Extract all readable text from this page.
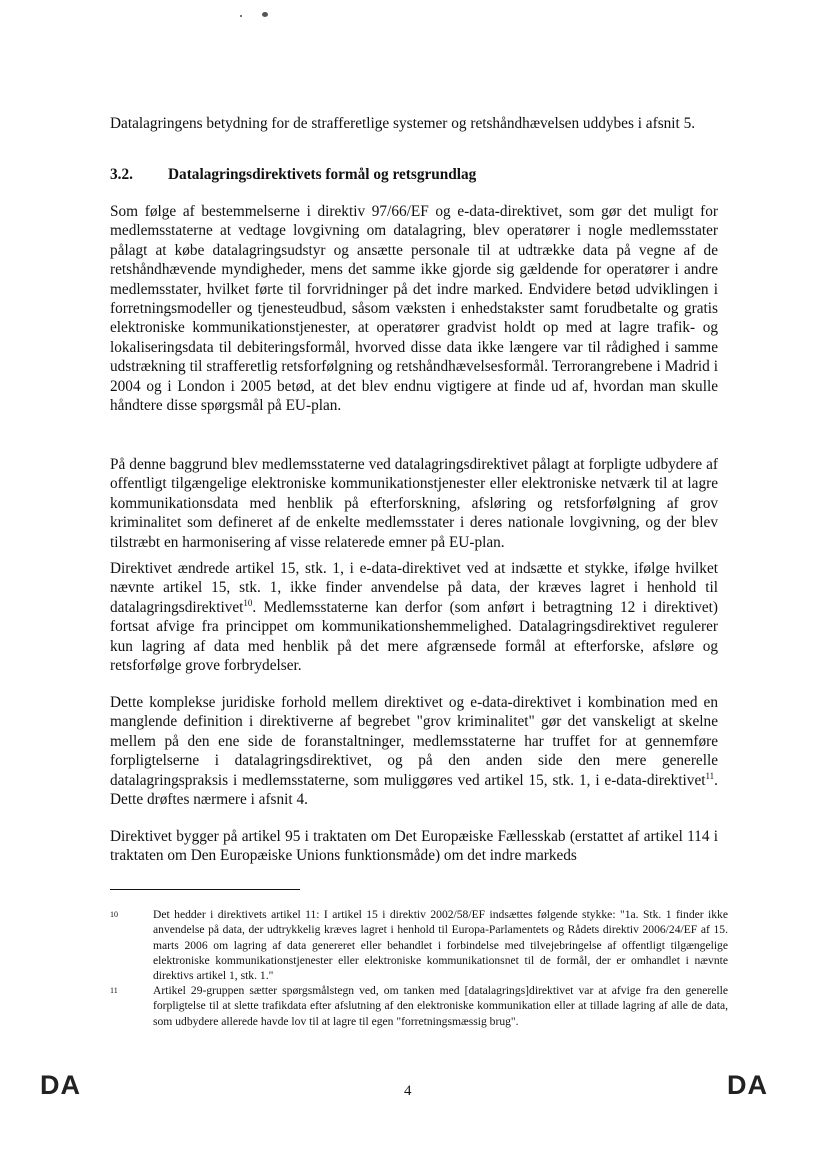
Datalagringens betydning for de strafferetlige systemer og retshåndhævelsen uddybes i afsnit 5.

3.2. Datalagringsdirektivets formål og retsgrundlag

Som følge af bestemmelserne i direktiv 97/66/EF og e-data-direktivet, som gør det muligt for medlemsstaterne at vedtage lovgivning om datalagring, blev operatører i nogle medlemsstater pålagt at købe datalagringsudstyr og ansætte personale til at udtrække data på vegne af de retshåndhævende myndigheder, mens det samme ikke gjorde sig gældende for operatører i andre medlemsstater, hvilket førte til forvridninger på det indre marked. Endvidere betød udviklingen i forretningsmodeller og tjenesteudbud, såsom væksten i enhedstakster samt forudbetalte og gratis elektroniske kommunikationstjenester, at operatører gradvist holdt op med at lagre trafik- og lokaliseringsdata til debiteringsformål, hvorved disse data ikke længere var til rådighed i samme udstrækning til strafferetlig retsforfølgning og retshåndhævelsesformål. Terrorangrebene i Madrid i 2004 og i London i 2005 betød, at det blev endnu vigtigere at finde ud af, hvordan man skulle håndtere disse spørgsmål på EU-plan.

På denne baggrund blev medlemsstaterne ved datalagringsdirektivet pålagt at forpligte udbydere af offentligt tilgængelige elektroniske kommunikationstjenester eller elektroniske netværk til at lagre kommunikationsdata med henblik på efterforskning, afsløring og retsforfølgning af grov kriminalitet som defineret af de enkelte medlemsstater i deres nationale lovgivning, og der blev tilstræbt en harmonisering af visse relaterede emner på EU-plan.

Direktivet ændrede artikel 15, stk. 1, i e-data-direktivet ved at indsætte et stykke, ifølge hvilket nævnte artikel 15, stk. 1, ikke finder anvendelse på data, der kræves lagret i henhold til datalagringsdirektivet$^{10}$. Medlemsstaterne kan derfor (som anført i betragtning 12 i direktivet) fortsat afvige fra princippet om kommunikationshemmelighed. Datalagringsdirektivet regulerer kun lagring af data med henblik på det mere afgrænsede formål at efterforske, afsløre og retsforfølge grove forbrydelser.

Dette komplekse juridiske forhold mellem direktivet og e-data-direktivet i kombination med en manglende definition i direktiverne af begrebet "grov kriminalitet" gør det vanskeligt at skelne mellem på den ene side de foranstaltninger, medlemsstaterne har truffet for at gennemføre forpligtelserne i datalagringsdirektivet, og på den anden side den mere generelle datalagringspraksis i medlemsstaterne, som muliggøres ved artikel 15, stk. 1, i e-data-direktivet$^{11}$. Dette drøftes nærmere i afsnit 4.

Direktivet bygger på artikel 95 i traktaten om Det Europæiske Fællesskab (erstattet af artikel 114 i traktaten om Den Europæiske Unions funktionsmåde) om det indre markeds

10	Det hedder i direktivets artikel 11: I artikel 15 i direktiv 2002/58/EF indsættes følgende stykke: "1a. Stk. 1 finder ikke anvendelse på data, der udtrykkelig kræves lagret i henhold til Europa-Parlamentets og Rådets direktiv 2006/24/EF af 15. marts 2006 om lagring af data genereret eller behandlet i forbindelse med tilvejebringelse af offentligt tilgængelige elektroniske kommunikationstjenester eller elektroniske kommunikationsnet til de formål, der er omhandlet i nævnte direktivs artikel 1, stk. 1."
11	Artikel 29-gruppen sætter spørgsmålstegn ved, om tanken med [datalagrings]direktivet var at afvige fra den generelle forpligtelse til at slette trafikdata efter afslutning af den elektroniske kommunikation eller at tillade lagring af alle de data, som udbydere allerede havde lov til at lagre til egen "forretningsmæssig brug".
DA	4	DA
